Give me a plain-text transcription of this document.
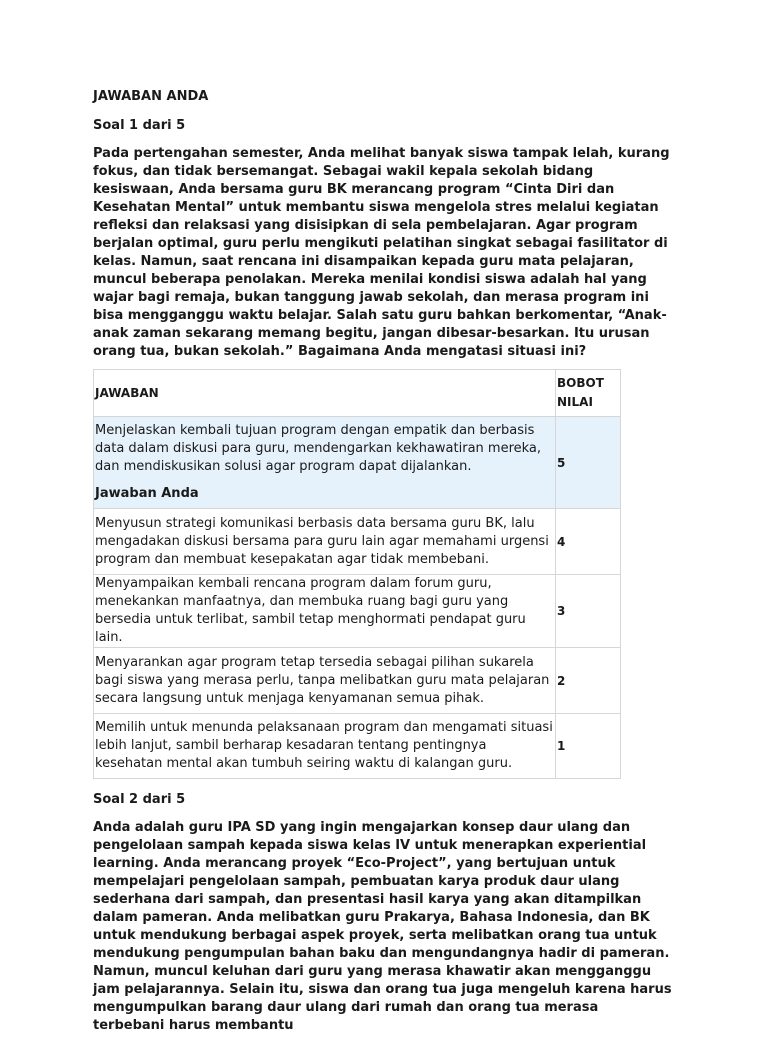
JAWABAN ANDA

Soal 1 dari 5

Pada pertengahan semester, Anda melihat banyak siswa tampak lelah, kurang fokus, dan tidak bersemangat. Sebagai wakil kepala sekolah bidang kesiswaan, Anda bersama guru BK merancang program “Cinta Diri dan Kesehatan Mental” untuk membantu siswa mengelola stres melalui kegiatan refleksi dan relaksasi yang disisipkan di sela pembelajaran. Agar program berjalan optimal, guru perlu mengikuti pelatihan singkat sebagai fasilitator di kelas. Namun, saat rencana ini disampaikan kepada guru mata pelajaran, muncul beberapa penolakan. Mereka menilai kondisi siswa adalah hal yang wajar bagi remaja, bukan tanggung jawab sekolah, dan merasa program ini bisa mengganggu waktu belajar. Salah satu guru bahkan berkomentar, “Anak-anak zaman sekarang memang begitu, jangan dibesar-besarkan. Itu urusan orang tua, bukan sekolah.” Bagaimana Anda mengatasi situasi ini?

JAWABAN	BOBOT
NILAI
Menjelaskan kembali tujuan program dengan empatik dan berbasis data dalam diskusi para guru, mendengarkan kekhawatiran mereka, dan mendiskusikan solusi agar program dapat dijalankan.
Jawaban Anda	5
Menyusun strategi komunikasi berbasis data bersama guru BK, lalu mengadakan diskusi bersama para guru lain agar memahami urgensi program dan membuat kesepakatan agar tidak membebani.	4
Menyampaikan kembali rencana program dalam forum guru, menekankan manfaatnya, dan membuka ruang bagi guru yang bersedia untuk terlibat, sambil tetap menghormati pendapat guru lain.	3
Menyarankan agar program tetap tersedia sebagai pilihan sukarela bagi siswa yang merasa perlu, tanpa melibatkan guru mata pelajaran secara langsung untuk menjaga kenyamanan semua pihak.	2
Memilih untuk menunda pelaksanaan program dan mengamati situasi lebih lanjut, sambil berharap kesadaran tentang pentingnya kesehatan mental akan tumbuh seiring waktu di kalangan guru.	1

Soal 2 dari 5

Anda adalah guru IPA SD yang ingin mengajarkan konsep daur ulang dan pengelolaan sampah kepada siswa kelas IV untuk menerapkan experiential learning. Anda merancang proyek “Eco-Project”, yang bertujuan untuk mempelajari pengelolaan sampah, pembuatan karya produk daur ulang sederhana dari sampah, dan presentasi hasil karya yang akan ditampilkan dalam pameran. Anda melibatkan guru Prakarya, Bahasa Indonesia, dan BK untuk mendukung berbagai aspek proyek, serta melibatkan orang tua untuk mendukung pengumpulan bahan baku dan mengundangnya hadir di pameran. Namun, muncul keluhan dari guru yang merasa khawatir akan mengganggu jam pelajarannya. Selain itu, siswa dan orang tua juga mengeluh karena harus mengumpulkan barang daur ulang dari rumah dan orang tua merasa terbebani harus membantu
